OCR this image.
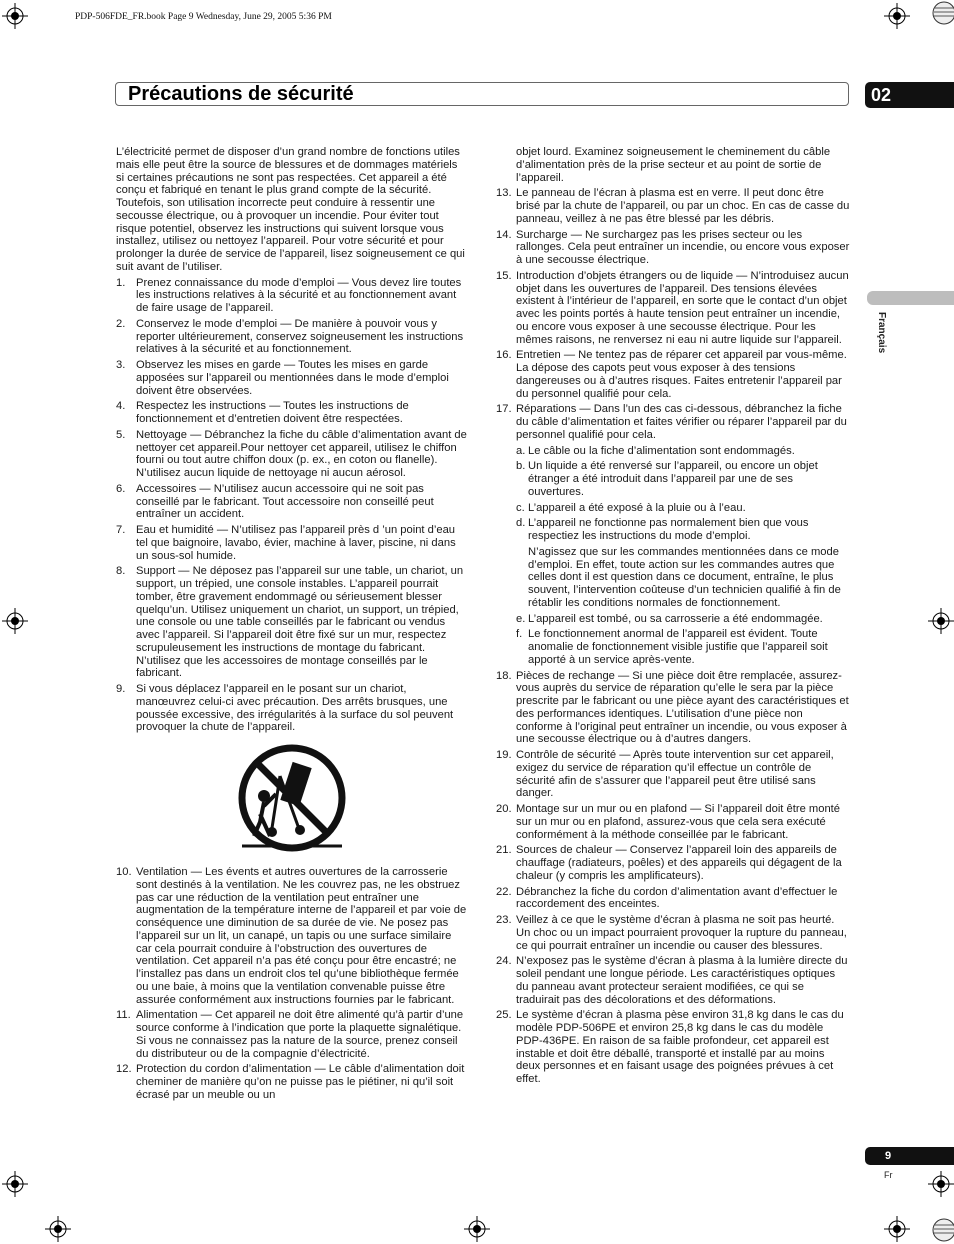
PDP-506FDE_FR.book Page 9 Wednesday, June 29, 2005 5:36 PM
Précautions de sécurité	02
Français

L’électricité permet de disposer d’un grand nombre de fonctions utiles mais elle peut être la source de blessures et de dommages matériels si certaines précautions ne sont pas respectées. Cet appareil a été conçu et fabriqué en tenant le plus grand compte de la sécurité. Toutefois, son utilisation incorrecte peut conduire à ressentir une secousse électrique, ou à provoquer un incendie. Pour éviter tout risque potentiel, observez les instructions qui suivent lorsque vous installez, utilisez ou nettoyez l’appareil. Pour votre sécurité et pour prolonger la durée de service de l’appareil, lisez soigneusement ce qui suit avant de l’utiliser.

1. Prenez connaissance du mode d’emploi — Vous devez lire toutes les instructions relatives à la sécurité et au fonctionnement avant de faire usage de l’appareil.
2. Conservez le mode d’emploi — De manière à pouvoir vous y reporter ultérieurement, conservez soigneusement les instructions relatives à la sécurité et au fonctionnement.
3. Observez les mises en garde — Toutes les mises en garde apposées sur l’appareil ou mentionnées dans le mode d’emploi doivent être observées.
4. Respectez les instructions — Toutes les instructions de fonctionnement et d’entretien doivent être respectées.
5. Nettoyage — Débranchez la fiche du câble d’alimentation avant de nettoyer cet appareil.Pour nettoyer cet appareil, utilisez le chiffon fourni ou tout autre chiffon doux (p. ex., en coton ou flanelle). N’utilisez aucun liquide de nettoyage ni aucun aérosol.
6. Accessoires — N’utilisez aucun accessoire qui ne soit pas conseillé par le fabricant. Tout accessoire non conseillé peut entraîner un accident.
7. Eau et humidité — N’utilisez pas l’appareil près d ’un point d’eau tel que baignoire, lavabo, évier, machine à laver, piscine, ni dans un sous-sol humide.
8. Support — Ne déposez pas l’appareil sur une table, un chariot, un support, un trépied, une console instables. L’appareil pourrait tomber, être gravement endommagé ou sérieusement blesser quelqu’un. Utilisez uniquement un chariot, un support, un trépied, une console ou une table conseillés par le fabricant ou vendus avec l’appareil. Si l’appareil doit être fixé sur un mur, respectez scrupuleusement les instructions de montage du fabricant. N’utilisez que les accessoires de montage conseillés par le fabricant.
9. Si vous déplacez l’appareil en le posant sur un chariot, manœuvrez celui-ci avec précaution. Des arrêts brusques, une poussée excessive, des irrégularités à la surface du sol peuvent provoquer la chute de l’appareil.
10. Ventilation — Les évents et autres ouvertures de la carrosserie sont destinés à la ventilation. Ne les couvrez pas, ne les obstruez pas car une réduction de la ventilation peut entraîner une augmentation de la température interne de l’appareil et par voie de conséquence une diminution de sa durée de vie. Ne posez pas l’appareil sur un lit, un canapé, un tapis ou une surface similaire car cela pourrait conduire à l’obstruction des ouvertures de ventilation. Cet appareil n’a pas été conçu pour être encastré; ne l’installez pas dans un endroit clos tel qu’une bibliothèque fermée ou une baie, à moins que la ventilation convenable puisse être assurée conformément aux instructions fournies par le fabricant.
11. Alimentation — Cet appareil ne doit être alimenté qu’à partir d’une source conforme à l’indication que porte la plaquette signalétique. Si vous ne connaissez pas la nature de la source, prenez conseil du distributeur ou de la compagnie d’électricité.
12. Protection du cordon d’alimentation — Le câble d’alimentation doit cheminer de manière qu’on ne puisse pas le piétiner, ni qu’il soit écrasé par un meuble ou un

objet lourd. Examinez soigneusement le cheminement du câble d’alimentation près de la prise secteur et au point de sortie de l’appareil.

13. Le panneau de l’écran à plasma est en verre. Il peut donc être brisé par la chute de l’appareil, ou par un choc. En cas de casse du panneau, veillez à ne pas être blessé par les débris.
14. Surcharge — Ne surchargez pas les prises secteur ou les rallonges. Cela peut entraîner un incendie, ou encore vous exposer à une secousse électrique.
15. Introduction d’objets étrangers ou de liquide — N’introduisez aucun objet dans les ouvertures de l’appareil. Des tensions élevées existent à l’intérieur de l’appareil, en sorte que le contact d’un objet avec les points portés à haute tension peut entraîner un incendie, ou encore vous exposer à une secousse électrique. Pour les mêmes raisons, ne renversez ni eau ni autre liquide sur l’appareil.
16. Entretien — Ne tentez pas de réparer cet appareil par vous-même. La dépose des capots peut vous exposer à des tensions dangereuses ou à d’autres risques. Faites entretenir l’appareil par du personnel qualifié pour cela.
17. Réparations — Dans l’un des cas ci-dessous, débranchez la fiche du câble d’alimentation et faites vérifier ou réparer l’appareil par du personnel qualifié pour cela.
a. Le câble ou la fiche d’alimentation sont endommagés.
b. Un liquide a été renversé sur l’appareil, ou encore un objet étranger a été introduit dans l’appareil par une de ses ouvertures.
c. L’appareil a été exposé à la pluie ou à l’eau.
d. L’appareil ne fonctionne pas normalement bien que vous respectiez les instructions du mode d’emploi.

N’agissez que sur les commandes mentionnées dans ce mode d’emploi. En effet, toute action sur les commandes autres que celles dont il est question dans ce document, entraîne, le plus souvent, l’intervention coûteuse d’un technicien qualifié à fin de rétablir les conditions normales de fonctionnement.

e. L’appareil est tombé, ou sa carrosserie a été endommagée.
f. Le fonctionnement anormal de l’appareil est évident. Toute anomalie de fonctionnement visible justifie que l’appareil soit apporté à un service après-vente.
18. Pièces de rechange — Si une pièce doit être remplacée, assurez-vous auprès du service de réparation qu’elle le sera par la pièce prescrite par le fabricant ou une pièce ayant des caractéristiques et des performances identiques. L’utilisation d’une pièce non conforme à l’original peut entraîner un incendie, ou vous exposer à une secousse électrique ou à d’autres dangers.
19. Contrôle de sécurité — Après toute intervention sur cet appareil, exigez du service de réparation qu’il effectue un contrôle de sécurité afin de s’assurer que l’appareil peut être utilisé sans danger.
20. Montage sur un mur ou en plafond — Si l’appareil doit être monté sur un mur ou en plafond, assurez-vous que cela sera exécuté conformément à la méthode conseillée par le fabricant.
21. Sources de chaleur — Conservez l’appareil loin des appareils de chauffage (radiateurs, poêles) et des appareils qui dégagent de la chaleur (y compris les amplificateurs).
22. Débranchez la fiche du cordon d’alimentation avant d’effectuer le raccordement des enceintes.
23. Veillez à ce que le système d’écran à plasma ne soit pas heurté. Un choc ou un impact pourraient provoquer la rupture du panneau, ce qui pourrait entraîner un incendie ou causer des blessures.
24. N’exposez pas le système d’écran à plasma à la lumière directe du soleil pendant une longue période. Les caractéristiques optiques du panneau avant protecteur seraient modifiées, ce qui se traduirait pas des décolorations et des déformations.
25. Le système d’écran à plasma pèse environ 31,8 kg dans le cas du modèle PDP-506PE et environ 25,8 kg dans le cas du modèle PDP-436PE. En raison de sa faible profondeur, cet appareil est instable et doit être déballé, transporté et installé par au moins deux personnes et en faisant usage des poignées prévues à cet effet.
9
Fr
